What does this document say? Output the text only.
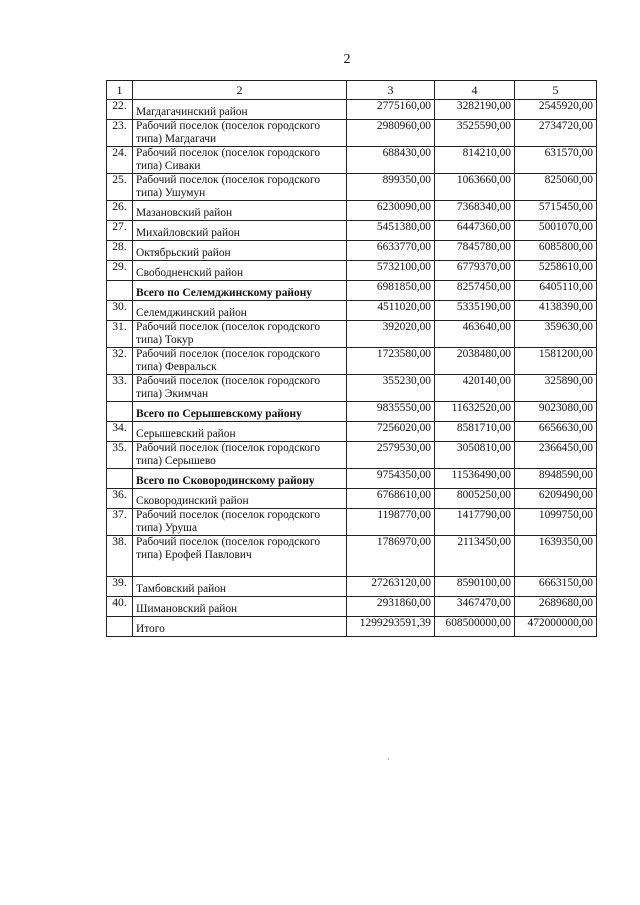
2
1	2	3	4	5
22.	Магдагачинский район	2775160,00	3282190,00	2545920,00
23.	Рабочий поселок (поселок городского типа) Магдагачи	2980960,00	3525590,00	2734720,00
24.	Рабочий поселок (поселок городского типа) Сиваки	688430,00	814210,00	631570,00
25.	Рабочий поселок (поселок городского типа) Ушумун	899350,00	1063660,00	825060,00
26.	Мазановский район	6230090,00	7368340,00	5715450,00
27.	Михайловский район	5451380,00	6447360,00	5001070,00
28.	Октябрьский район	6633770,00	7845780,00	6085800,00
29.	Свободненский район	5732100,00	6779370,00	5258610,00
	Всего по Селемджинскому району	6981850,00	8257450,00	6405110,00
30.	Селемджинский район	4511020,00	5335190,00	4138390,00
31.	Рабочий поселок (поселок городского типа) Токур	392020,00	463640,00	359630,00
32.	Рабочий поселок (поселок городского типа) Февральск	1723580,00	2038480,00	1581200,00
33.	Рабочий поселок (поселок городского типа) Экимчан	355230,00	420140,00	325890,00
	Всего по Серышевскому району	9835550,00	11632520,00	9023080,00
34.	Серышевский район	7256020,00	8581710,00	6656630,00
35.	Рабочий поселок (поселок городского типа) Серышево	2579530,00	3050810,00	2366450,00
	Всего по Сковородинскому району	9754350,00	11536490,00	8948590,00
36.	Сковородинский район	6768610,00	8005250,00	6209490,00
37.	Рабочий поселок (поселок городского типа) Уруша	1198770,00	1417790,00	1099750,00
38.	Рабочий поселок (поселок городского типа) Ерофей Павлович	1786970,00	2113450,00	1639350,00
39.	Тамбовский район	27263120,00	8590100,00	6663150,00
40.	Шимановский район	2931860,00	3467470,00	2689680,00
	Итого	1299293591,39	608500000,00	472000000,00
´
